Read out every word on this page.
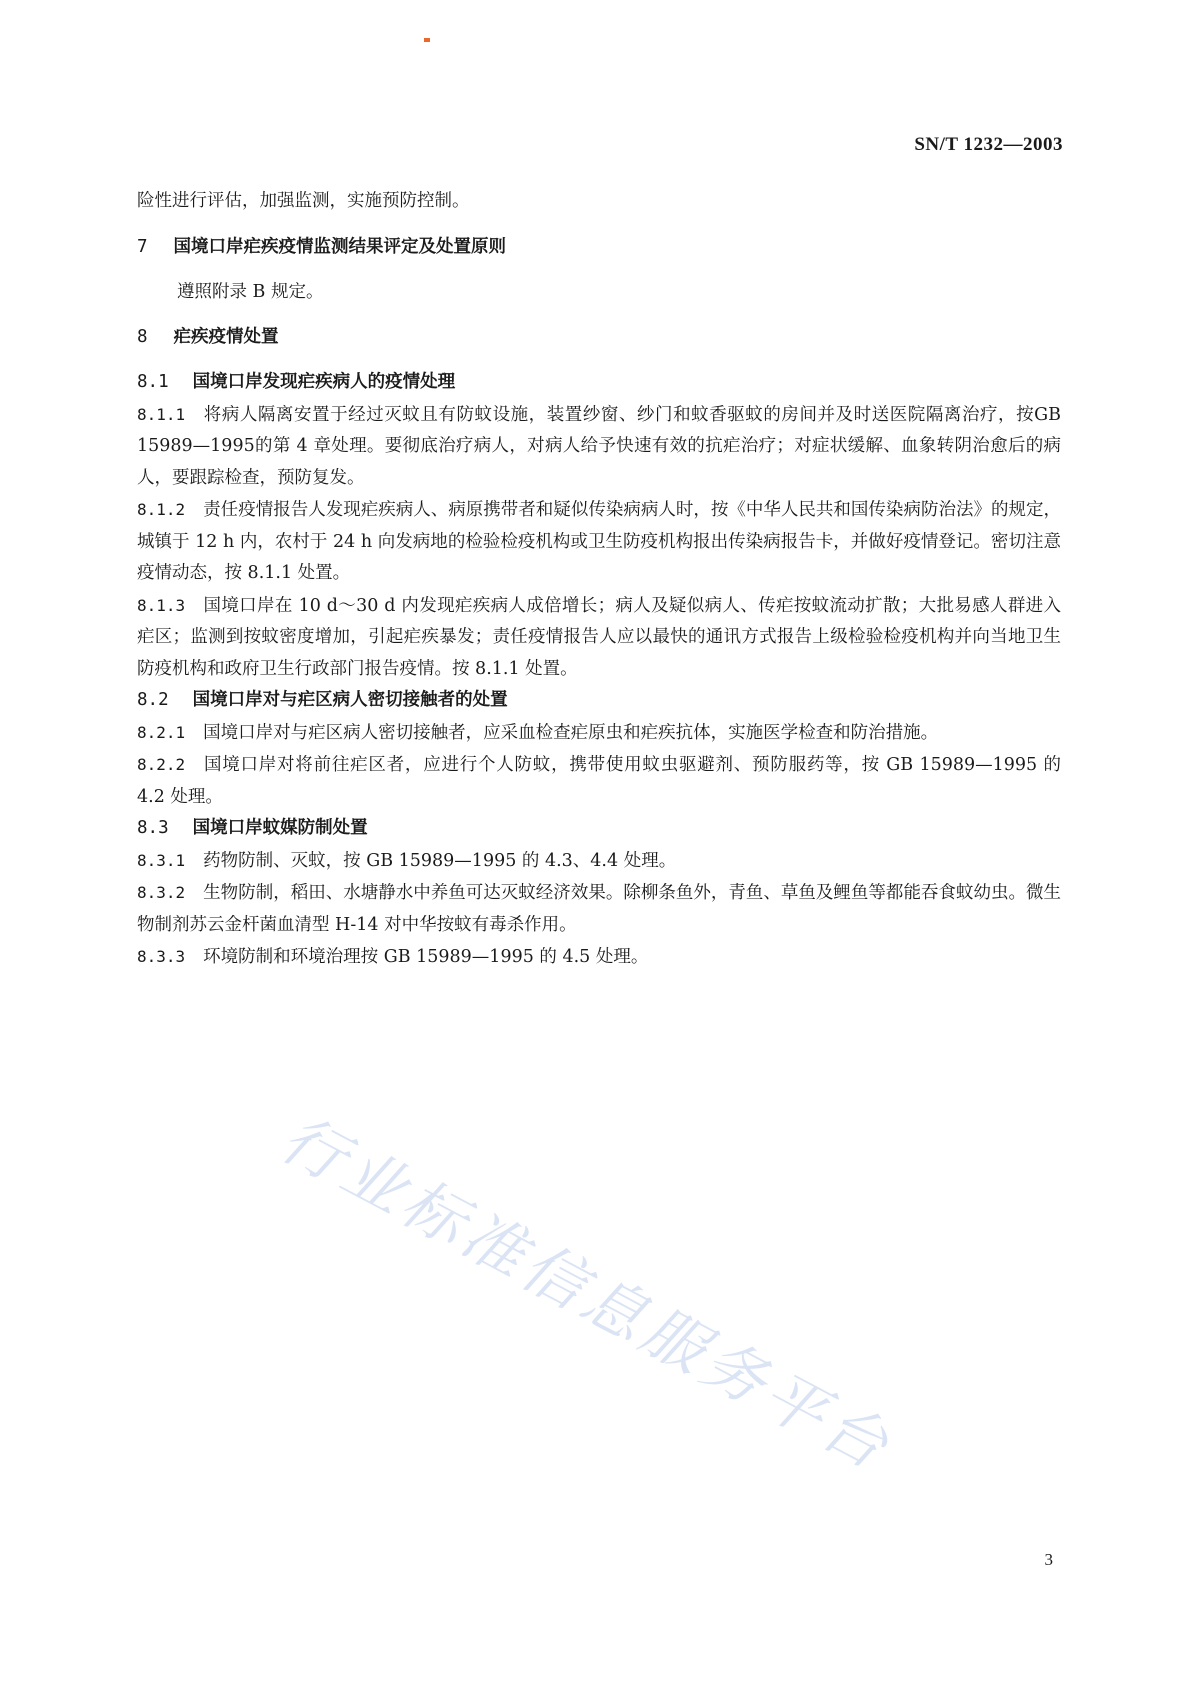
SN/T 1232—2003

险性进行评估，加强监测，实施预防控制。

7 国境口岸疟疾疫情监测结果评定及处置原则

遵照附录 B 规定。

8 疟疾疫情处置
8.1 国境口岸发现疟疾病人的疫情处理

8.1.1 将病人隔离安置于经过灭蚊且有防蚊设施，装置纱窗、纱门和蚊香驱蚊的房间并及时送医院隔离治疗，按GB 15989—1995的第 4 章处理。要彻底治疗病人，对病人给予快速有效的抗疟治疗；对症状缓解、血象转阴治愈后的病人，要跟踪检查，预防复发。

8.1.2 责任疫情报告人发现疟疾病人、病原携带者和疑似传染病病人时，按《中华人民共和国传染病防治法》的规定，城镇于 12 h 内，农村于 24 h 向发病地的检验检疫机构或卫生防疫机构报出传染病报告卡，并做好疫情登记。密切注意疫情动态，按 8.1.1 处置。

8.1.3 国境口岸在 10 d～30 d 内发现疟疾病人成倍增长；病人及疑似病人、传疟按蚊流动扩散；大批易感人群进入疟区；监测到按蚊密度增加，引起疟疾暴发；责任疫情报告人应以最快的通讯方式报告上级检验检疫机构并向当地卫生防疫机构和政府卫生行政部门报告疫情。按 8.1.1 处置。

8.2 国境口岸对与疟区病人密切接触者的处置

8.2.1 国境口岸对与疟区病人密切接触者，应采血检查疟原虫和疟疾抗体，实施医学检查和防治措施。

8.2.2 国境口岸对将前往疟区者，应进行个人防蚊，携带使用蚊虫驱避剂、预防服药等，按 GB 15989—1995 的 4.2 处理。

8.3 国境口岸蚊媒防制处置

8.3.1 药物防制、灭蚊，按 GB 15989—1995 的 4.3、4.4 处理。

8.3.2 生物防制，稻田、水塘静水中养鱼可达灭蚊经济效果。除柳条鱼外，青鱼、草鱼及鲤鱼等都能吞食蚊幼虫。微生物制剂苏云金杆菌血清型 H-14 对中华按蚊有毒杀作用。

8.3.3 环境防制和环境治理按 GB 15989—1995 的 4.5 处理。

行业标准信息服务平台
3
